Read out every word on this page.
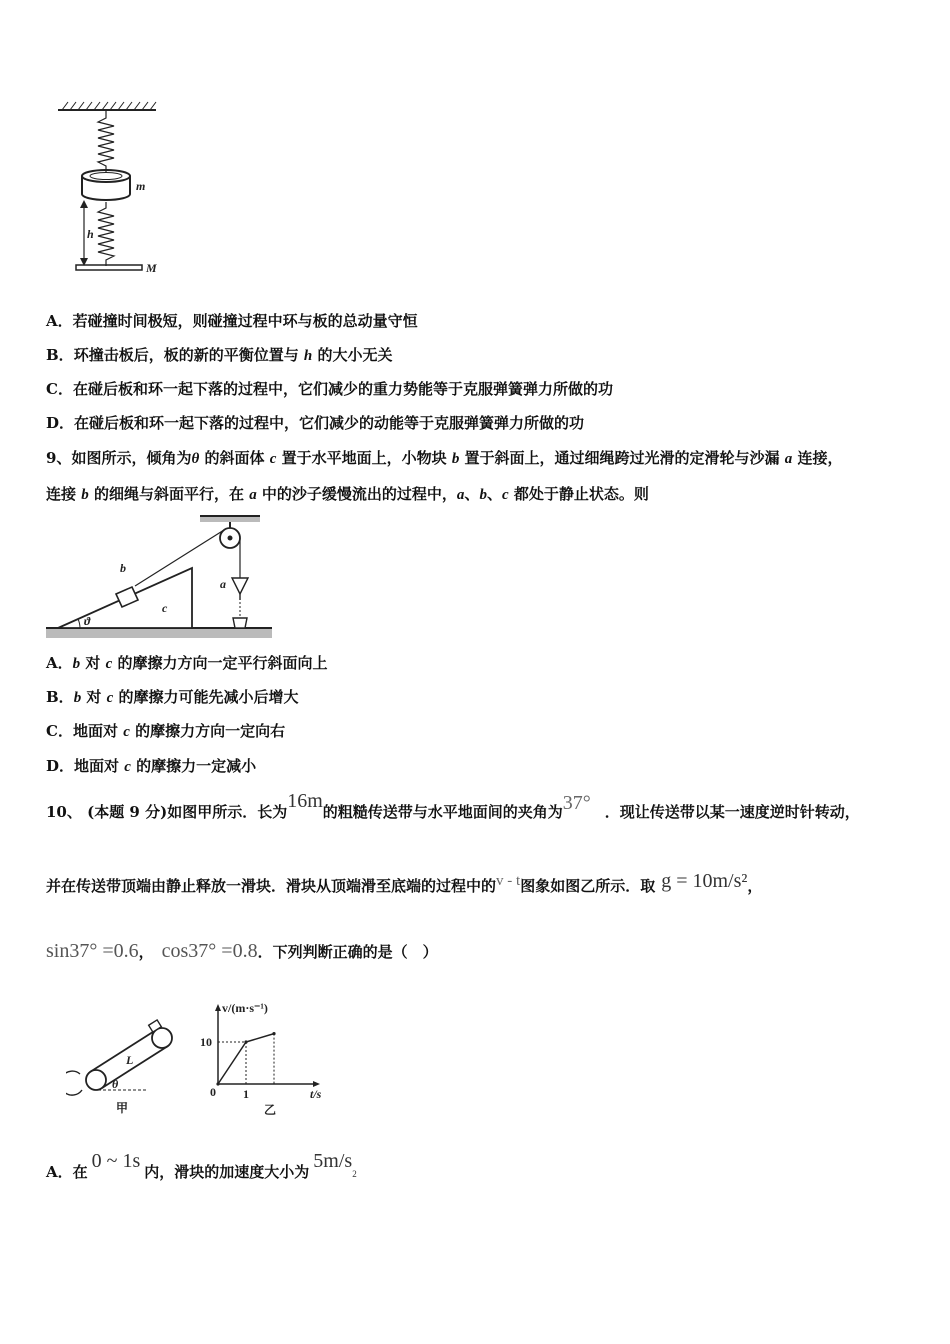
m
h
M
A．若碰撞时间极短，则碰撞过程中环与板的总动量守恒
B．环撞击板后，板的新的平衡位置与 h 的大小无关
C．在碰后板和环一起下落的过程中，它们减少的重力势能等于克服弹簧弹力所做的功
D．在碰后板和环一起下落的过程中，它们减少的动能等于克服弹簧弹力所做的功
9、如图所示，倾角为θ 的斜面体 c 置于水平地面上，小物块 b 置于斜面上，通过细绳跨过光滑的定滑轮与沙漏 a 连接，
连接 b 的细绳与斜面平行，在 a 中的沙子缓慢流出的过程中，a、b、c 都处于静止状态。则
c
ϑ
b
a
A．b 对 c 的摩擦力方向一定平行斜面向上
B．b 对 c 的摩擦力可能先减小后增大
C．地面对 c 的摩擦力方向一定向右
D．地面对 c 的摩擦力一定减小
10、 (本题 9 分)如图甲所示．长为16m的粗糙传送带与水平地面间的夹角为37° ．现让传送带以某一速度逆时针转动，
并在传送带顶端由静止释放一滑块．滑块从顶端滑至底端的过程中的v - t图象如图乙所示．取 g = 10m/s²，
sin37° =0.6， cos37° =0.8．下列判断正确的是（　）
L
θ
甲
v/(m·s⁻¹)
t/s
0
10
1
乙
A．在 0 ~ 1s 内，滑块的加速度大小为 5m/s2
